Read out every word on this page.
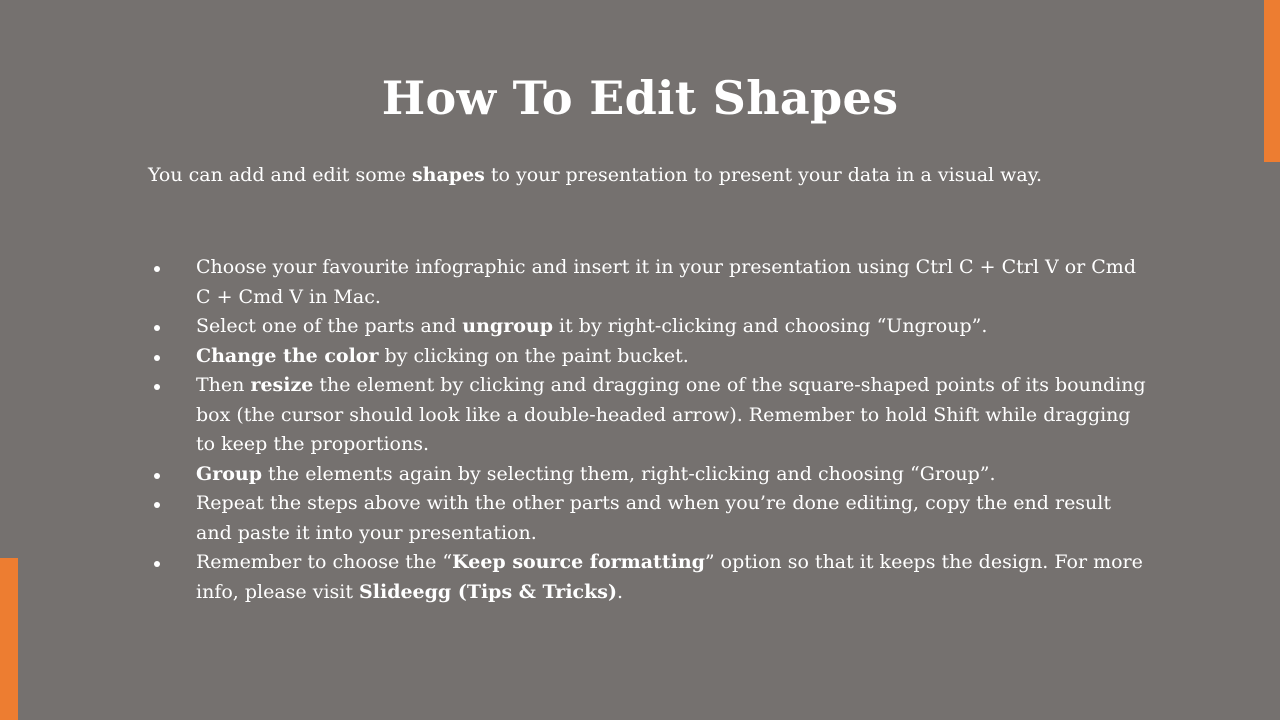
How To Edit Shapes
You can add and edit some shapes to your presentation to present your data in a visual way.
Choose your favourite infographic and insert it in your presentation using Ctrl C + Ctrl V or Cmd C + Cmd V in Mac.
Select one of the parts and ungroup it by right-clicking and choosing “Ungroup”.
Change the color by clicking on the paint bucket.
Then resize the element by clicking and dragging one of the square-shaped points of its bounding box (the cursor should look like a double-headed arrow). Remember to hold Shift while dragging to keep the proportions.
Group the elements again by selecting them, right-clicking and choosing “Group”.
Repeat the steps above with the other parts and when you’re done editing, copy the end result and paste it into your presentation.
Remember to choose the “Keep source formatting” option so that it keeps the design. For more info, please visit Slideegg (Tips & Tricks).
